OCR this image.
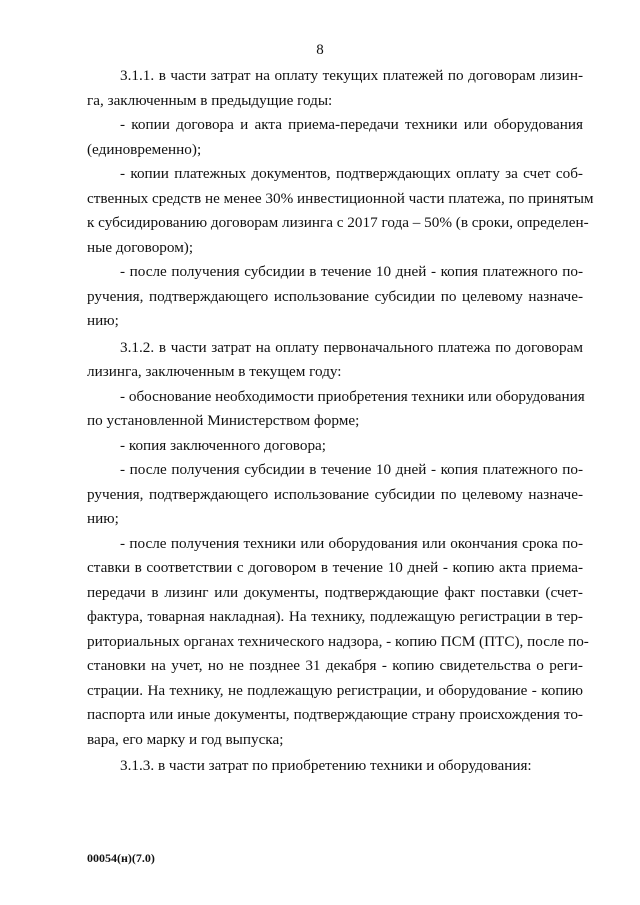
8
3.1.1. в части затрат на оплату текущих платежей по договорам лизин-
га, заключенным в предыдущие годы:
- копии договора и акта приема-передачи техники или оборудования
(единовременно);
- копии платежных документов, подтверждающих оплату за счет соб-
ственных средств не менее 30% инвестиционной части платежа, по принятым
к субсидированию договорам лизинга с 2017 года – 50% (в сроки, определен-
ные договором);
- после получения субсидии в течение 10 дней - копия платежного по-
ручения, подтверждающего использование субсидии по целевому назначе-
нию;
3.1.2. в части затрат на оплату первоначального платежа по договорам
лизинга, заключенным в текущем году:
- обоснование необходимости приобретения техники или оборудования
по установленной Министерством форме;
- копия заключенного договора;
- после получения субсидии в течение 10 дней - копия платежного по-
ручения, подтверждающего использование субсидии по целевому назначе-
нию;
- после получения техники или оборудования или окончания срока по-
ставки в соответствии с договором в течение 10 дней - копию акта приема-
передачи в лизинг или документы, подтверждающие факт поставки (счет-
фактура, товарная накладная). На технику, подлежащую регистрации в тер-
риториальных органах технического надзора, - копию ПСМ (ПТС), после по-
становки на учет, но не позднее 31 декабря - копию свидетельства о реги-
страции. На технику, не подлежащую регистрации, и оборудование - копию
паспорта или иные документы, подтверждающие страну происхождения то-
вара, его марку и год выпуска;
3.1.3. в части затрат по приобретению техники и оборудования:
00054(н)(7.0)
